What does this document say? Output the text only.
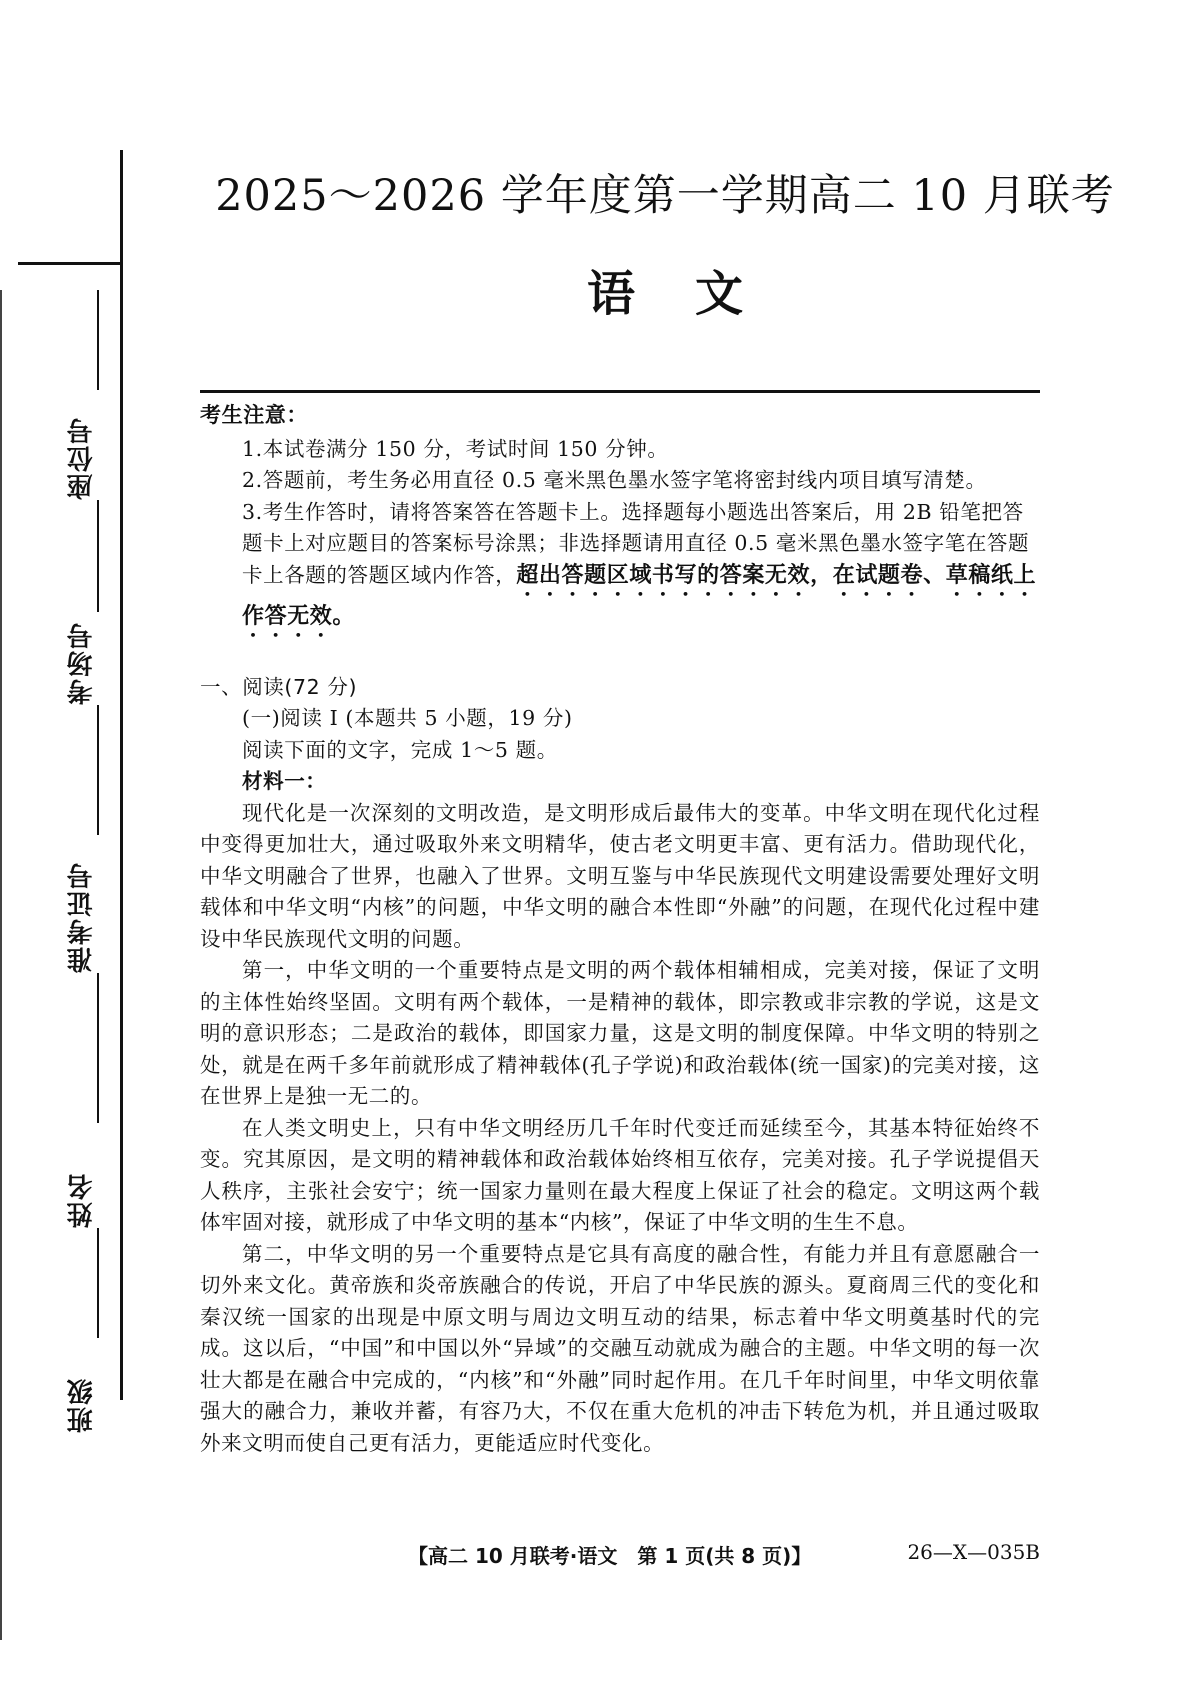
座位号
考场号
准考证号
姓名
班级
2025～2026 学年度第一学期高二 10 月联考
语文

考生注意：

1.本试卷满分 150 分，考试时间 150 分钟。

2.答题前，考生务必用直径 0.5 毫米黑色墨水签字笔将密封线内项目填写清楚。

3.考生作答时，请将答案答在答题卡上。选择题每小题选出答案后，用 2B 铅笔把答题卡上对应题目的答案标号涂黑；非选择题请用直径 0.5 毫米黑色墨水签字笔在答题卡上各题的答题区域内作答，超出答题区域书写的答案无效，在试题卷、草稿纸上作答无效。

一、阅读(72 分)

(一)阅读 Ⅰ (本题共 5 小题，19 分)

阅读下面的文字，完成 1～5 题。

材料一：

现代化是一次深刻的文明改造，是文明形成后最伟大的变革。中华文明在现代化过程中变得更加壮大，通过吸取外来文明精华，使古老文明更丰富、更有活力。借助现代化，中华文明融合了世界，也融入了世界。文明互鉴与中华民族现代文明建设需要处理好文明载体和中华文明“内核”的问题，中华文明的融合本性即“外融”的问题，在现代化过程中建设中华民族现代文明的问题。

第一，中华文明的一个重要特点是文明的两个载体相辅相成，完美对接，保证了文明的主体性始终坚固。文明有两个载体，一是精神的载体，即宗教或非宗教的学说，这是文明的意识形态；二是政治的载体，即国家力量，这是文明的制度保障。中华文明的特别之处，就是在两千多年前就形成了精神载体(孔子学说)和政治载体(统一国家)的完美对接，这在世界上是独一无二的。

在人类文明史上，只有中华文明经历几千年时代变迁而延续至今，其基本特征始终不变。究其原因，是文明的精神载体和政治载体始终相互依存，完美对接。孔子学说提倡天人秩序，主张社会安宁；统一国家力量则在最大程度上保证了社会的稳定。文明这两个载体牢固对接，就形成了中华文明的基本“内核”，保证了中华文明的生生不息。

第二，中华文明的另一个重要特点是它具有高度的融合性，有能力并且有意愿融合一切外来文化。黄帝族和炎帝族融合的传说，开启了中华民族的源头。夏商周三代的变化和秦汉统一国家的出现是中原文明与周边文明互动的结果，标志着中华文明奠基时代的完成。这以后，“中国”和中国以外“异域”的交融互动就成为融合的主题。中华文明的每一次壮大都是在融合中完成的，“内核”和“外融”同时起作用。在几千年时间里，中华文明依靠强大的融合力，兼收并蓄，有容乃大，不仅在重大危机的冲击下转危为机，并且通过吸取外来文明而使自己更有活力，更能适应时代变化。

【高二 10 月联考·语文　第 1 页(共 8 页)】	26—X—035B
